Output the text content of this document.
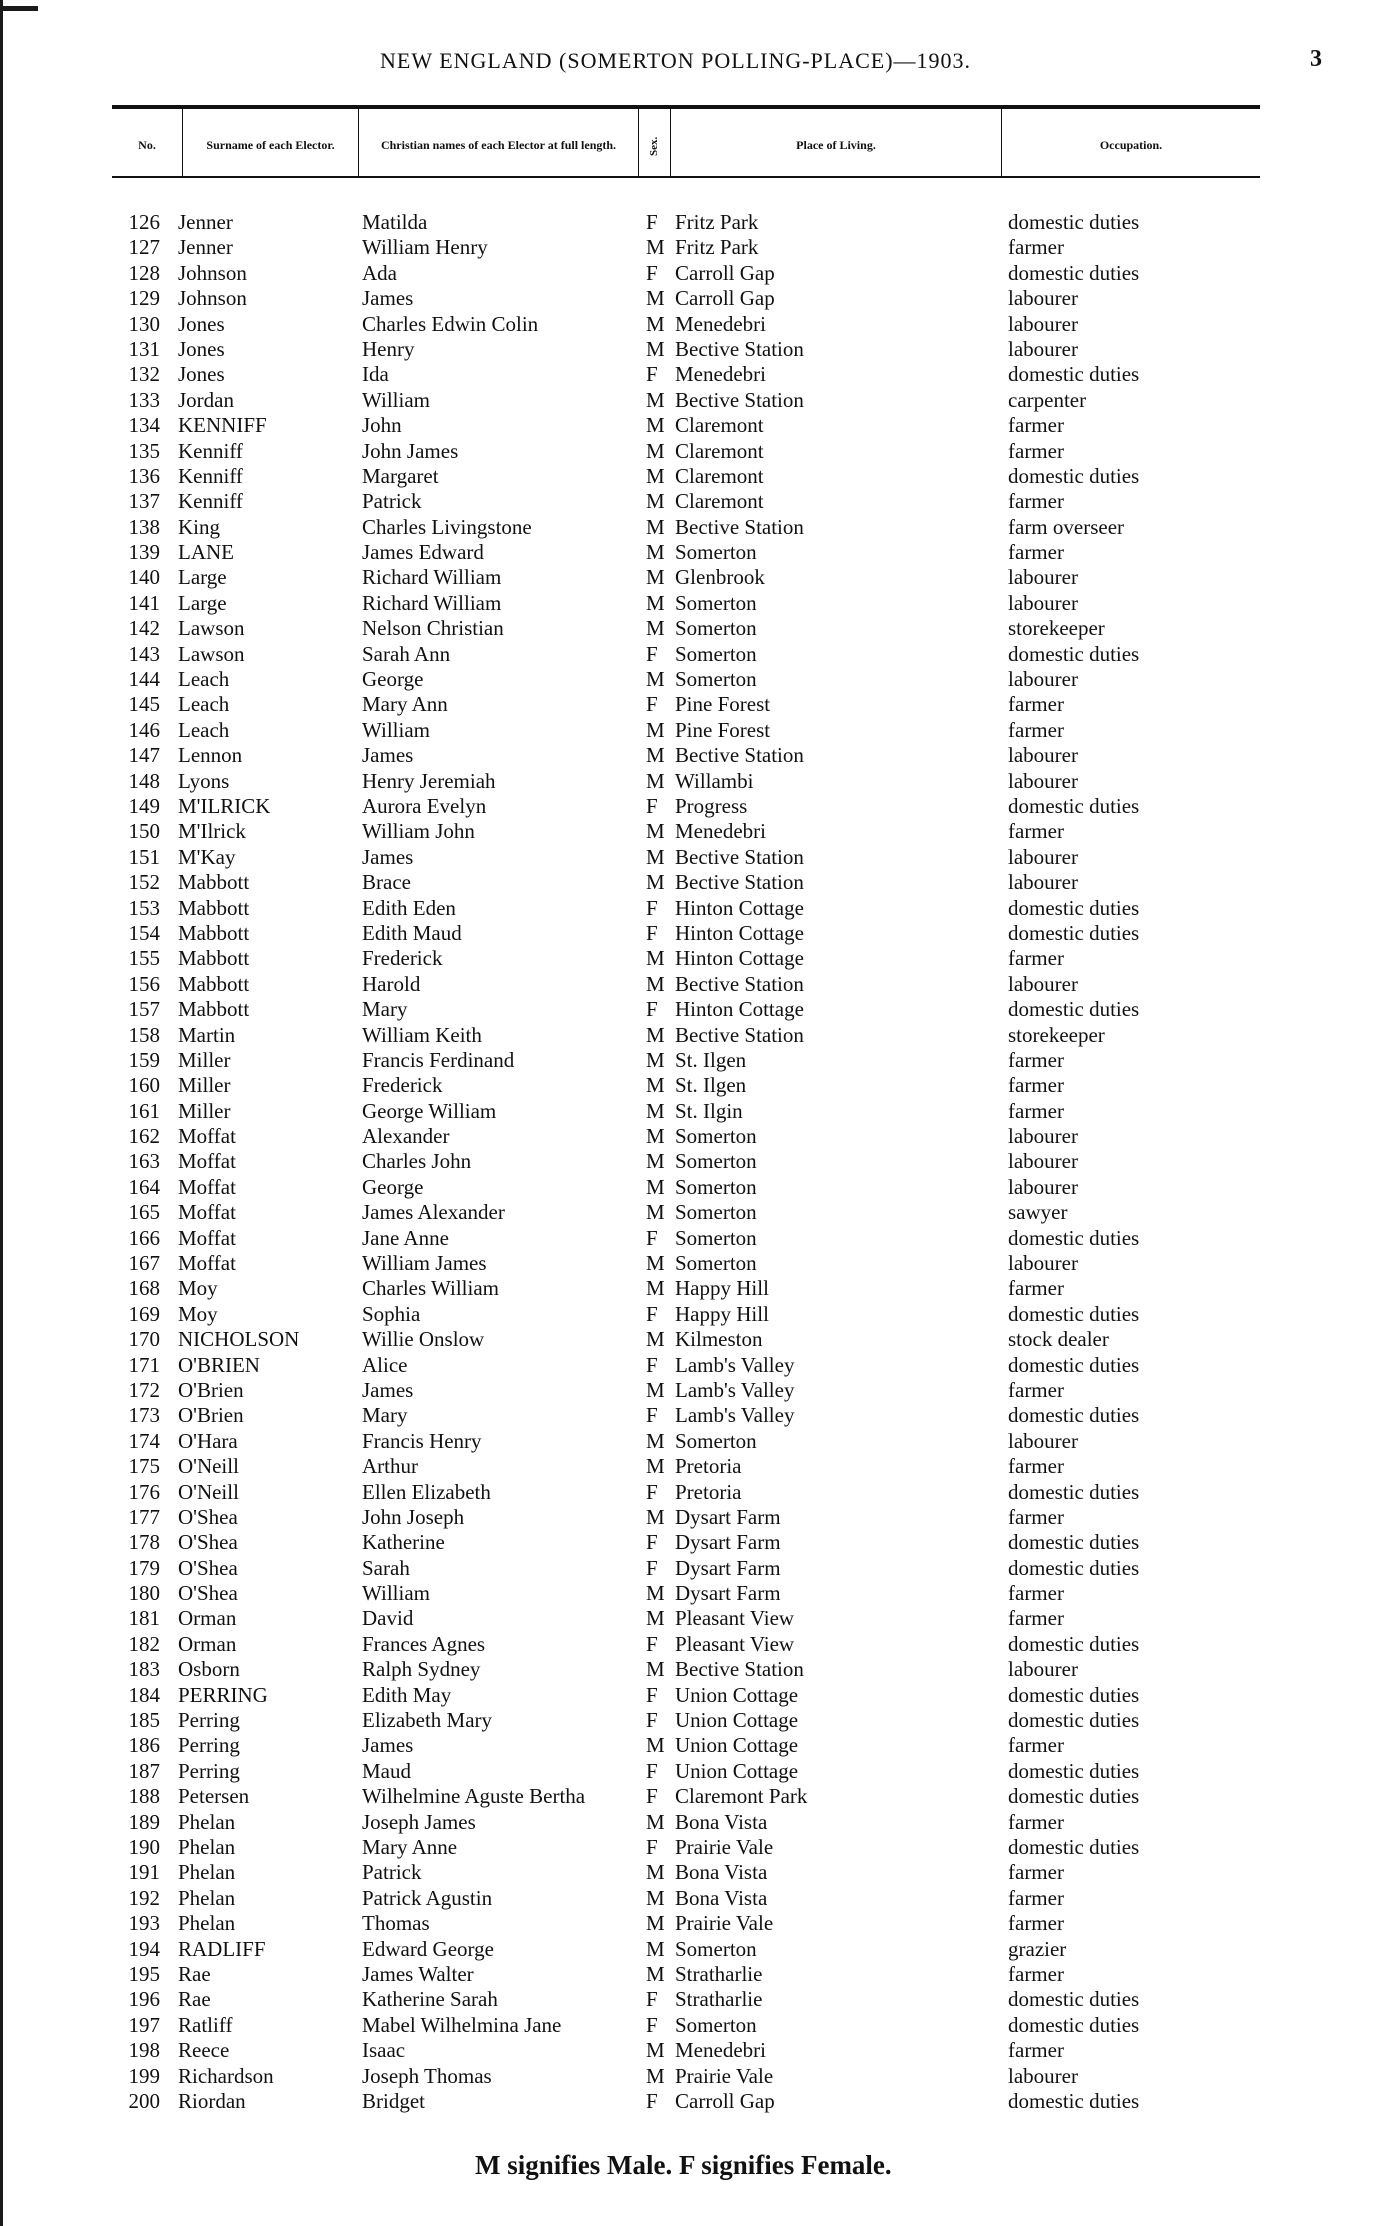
NEW ENGLAND (SOMERTON POLLING-PLACE)—1903.	3
No.	Surname of each Elector.	Christian names of each Elector at full length.	Sex.	Place of Living.	Occupation.
126 Jenner	Matilda	F Fritz Park	domestic duties
127 Jenner	William Henry	M Fritz Park	farmer
128 Johnson	Ada	F Carroll Gap	domestic duties
129 Johnson	James	M Carroll Gap	labourer
130 Jones	Charles Edwin Colin	M Menedebri	labourer
131 Jones	Henry	M Bective Station	labourer
132 Jones	Ida	F Menedebri	domestic duties
133 Jordan	William	M Bective Station	carpenter
134 KENNIFF	John	M Claremont	farmer
135 Kenniff	John James	M Claremont	farmer
136 Kenniff	Margaret	M Claremont	domestic duties
137 Kenniff	Patrick	M Claremont	farmer
138 King	Charles Livingstone	M Bective Station	farm overseer
139 LANE	James Edward	M Somerton	farmer
140 Large	Richard William	M Glenbrook	labourer
141 Large	Richard William	M Somerton	labourer
142 Lawson	Nelson Christian	M Somerton	storekeeper
143 Lawson	Sarah Ann	F Somerton	domestic duties
144 Leach	George	M Somerton	labourer
145 Leach	Mary Ann	F Pine Forest	farmer
146 Leach	William	M Pine Forest	farmer
147 Lennon	James	M Bective Station	labourer
148 Lyons	Henry Jeremiah	M Willambi	labourer
149 M'ILRICK	Aurora Evelyn	F Progress	domestic duties
150 M'Ilrick	William John	M Menedebri	farmer
151 M'Kay	James	M Bective Station	labourer
152 Mabbott	Brace	M Bective Station	labourer
153 Mabbott	Edith Eden	F Hinton Cottage	domestic duties
154 Mabbott	Edith Maud	F Hinton Cottage	domestic duties
155 Mabbott	Frederick	M Hinton Cottage	farmer
156 Mabbott	Harold	M Bective Station	labourer
157 Mabbott	Mary	F Hinton Cottage	domestic duties
158 Martin	William Keith	M Bective Station	storekeeper
159 Miller	Francis Ferdinand	M St. Ilgen	farmer
160 Miller	Frederick	M St. Ilgen	farmer
161 Miller	George William	M St. Ilgin	farmer
162 Moffat	Alexander	M Somerton	labourer
163 Moffat	Charles John	M Somerton	labourer
164 Moffat	George	M Somerton	labourer
165 Moffat	James Alexander	M Somerton	sawyer
166 Moffat	Jane Anne	F Somerton	domestic duties
167 Moffat	William James	M Somerton	labourer
168 Moy	Charles William	M Happy Hill	farmer
169 Moy	Sophia	F Happy Hill	domestic duties
170 NICHOLSON	Willie Onslow	M Kilmeston	stock dealer
171 O'BRIEN	Alice	F Lamb's Valley	domestic duties
172 O'Brien	James	M Lamb's Valley	farmer
173 O'Brien	Mary	F Lamb's Valley	domestic duties
174 O'Hara	Francis Henry	M Somerton	labourer
175 O'Neill	Arthur	M Pretoria	farmer
176 O'Neill	Ellen Elizabeth	F Pretoria	domestic duties
177 O'Shea	John Joseph	M Dysart Farm	farmer
178 O'Shea	Katherine	F Dysart Farm	domestic duties
179 O'Shea	Sarah	F Dysart Farm	domestic duties
180 O'Shea	William	M Dysart Farm	farmer
181 Orman	David	M Pleasant View	farmer
182 Orman	Frances Agnes	F Pleasant View	domestic duties
183 Osborn	Ralph Sydney	M Bective Station	labourer
184 PERRING	Edith May	F Union Cottage	domestic duties
185 Perring	Elizabeth Mary	F Union Cottage	domestic duties
186 Perring	James	M Union Cottage	farmer
187 Perring	Maud	F Union Cottage	domestic duties
188 Petersen	Wilhelmine Aguste Bertha	F Claremont Park	domestic duties
189 Phelan	Joseph James	M Bona Vista	farmer
190 Phelan	Mary Anne	F Prairie Vale	domestic duties
191 Phelan	Patrick	M Bona Vista	farmer
192 Phelan	Patrick Agustin	M Bona Vista	farmer
193 Phelan	Thomas	M Prairie Vale	farmer
194 RADLIFF	Edward George	M Somerton	grazier
195 Rae	James Walter	M Stratharlie	farmer
196 Rae	Katherine Sarah	F Stratharlie	domestic duties
197 Ratliff	Mabel Wilhelmina Jane	F Somerton	domestic duties
198 Reece	Isaac	M Menedebri	farmer
199 Richardson	Joseph Thomas	M Prairie Vale	labourer
200 Riordan	Bridget	F Carroll Gap	domestic duties
M signifies Male. F signifies Female.
